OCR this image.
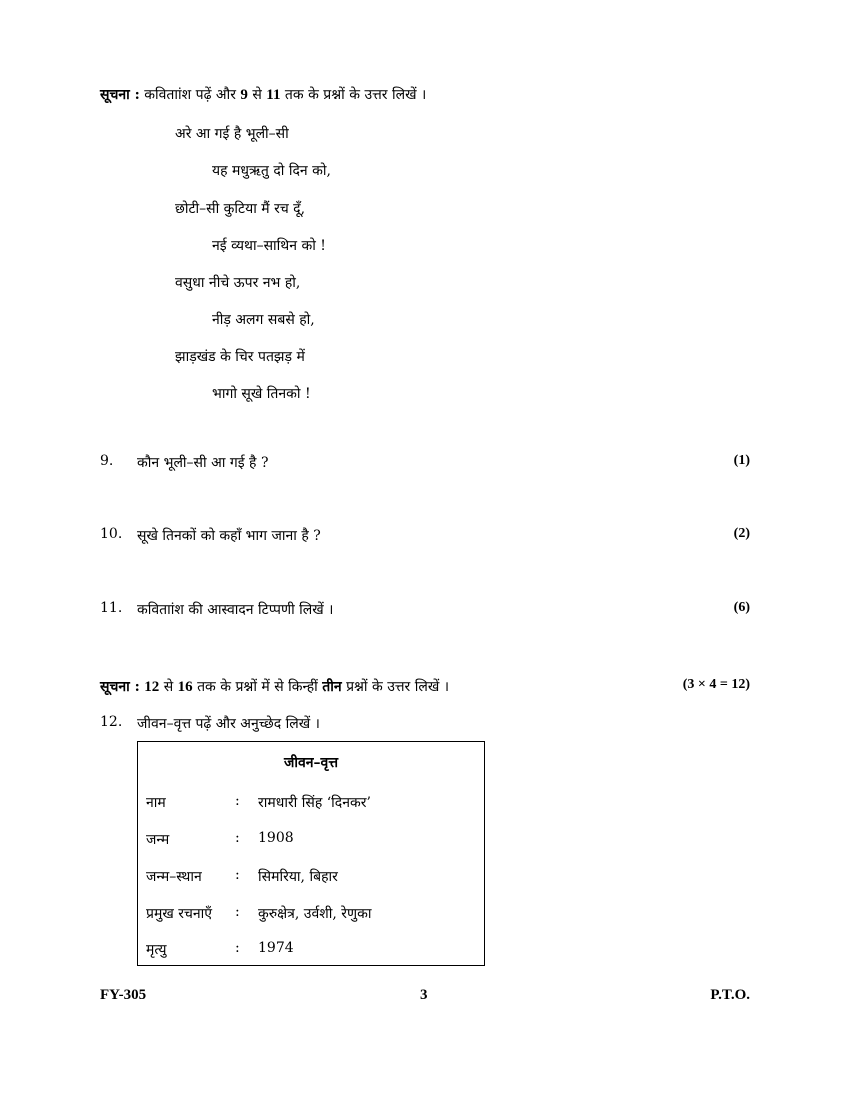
सूचना : कविताांश पढ़ें और 9 से 11 तक के प्रश्नों के उत्तर लिखें ।
अरे आ गई है भूली–सी
यह मधुऋतु दो दिन को,
छोटी–सी कुटिया मैं रच दूँ,
नई व्यथा–साथिन को !
वसुधा नीचे ऊपर नभ हो,
नीड़ अलग सबसे हो,
झाड़खंड के चिर पतझड़ में
भागो सूखे तिनको !
9. कौन भूली–सी आ गई है ?	(1)
10. सूखे तिनकों को कहाँ भाग जाना है ?	(2)
11. कविताांश की आस्वादन टिप्पणी लिखें ।	(6)
सूचना : 12 से 16 तक के प्रश्नों में से किन्हीं तीन प्रश्नों के उत्तर लिखें ।	(3 × 4 = 12)
12. जीवन–वृत्त पढ़ें और अनुच्छेद लिखें ।
जीवन–वृत्त
नाम	: रामधारी सिंह ‘दिनकर’
जन्म	: 1908
जन्म–स्थान : सिमरिया, बिहार
प्रमुख रचनाएँ : कुरुक्षेत्र, उर्वशी, रेणुका
मृत्यु	: 1974
FY-305	3	P.T.O.
